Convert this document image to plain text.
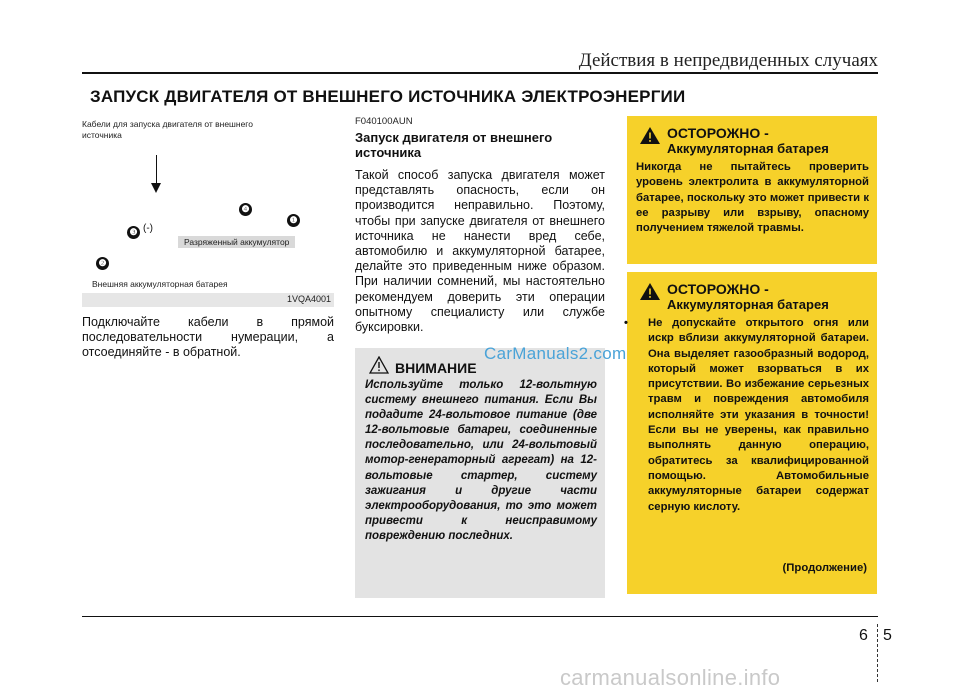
Действия в непредвиденных случаях
ЗАПУСК ДВИГАТЕЛЯ ОТ ВНЕШНЕГО ИСТОЧНИКА ЭЛЕКТРОЭНЕРГИИ
Кабели для запуска двигателя от внешнего источника
❸ (-)
❹
❶
Разряженный аккумулятор
❷
Внешняя аккумуляторная батарея
1VQA4001
Подключайте кабели в прямой последовательности нумерации, а отсоединяйте - в обратной.
F040100AUN
Запуск двигателя от внешнего источника
Такой способ запуска двигателя может представлять опасность, если он производится неправильно. Поэтому, чтобы при запуске двигателя от внешнего источника не нанести вред себе, автомобилю и аккумуляторной батарее, делайте это приведенным ниже образом. При наличии сомнений, мы настоятельно рекомендуем доверить эти операции опытному специалисту или службе буксировки.
ВНИМАНИЕ
Используйте только 12-вольтную систему внешнего питания. Если Вы подадите 24-вольтовое питание (две 12-вольтовые батареи, соединенные последовательно, или 24-вольтовый мотор-генераторный агрегат) на 12-вольтовые стартер, систему зажигания и другие части электрооборудования, то это может привести к неисправимому повреждению последних.
CarManuals2.com
ОСТОРОЖНО -
Аккумуляторная батарея
Никогда не пытайтесь проверить уровень электролита в аккумуляторной батарее, поскольку это может привести к ее разрыву или взрыву, опасному получением тяжелой травмы.
ОСТОРОЖНО -
Аккумуляторная батарея
• Не допускайте открытого огня или искр вблизи аккумуляторной батареи. Она выделяет газообразный водород, который может взорваться в их присутствии. Во избежание серьезных травм и повреждения автомобиля исполняйте эти указания в точности! Если вы не уверены, как правильно выполнять данную операцию, обратитесь за квалифицированной помощью. Автомобильные аккумуляторные батареи содержат серную кислоту.
(Продолжение)
6 5
carmanualsonline.info
